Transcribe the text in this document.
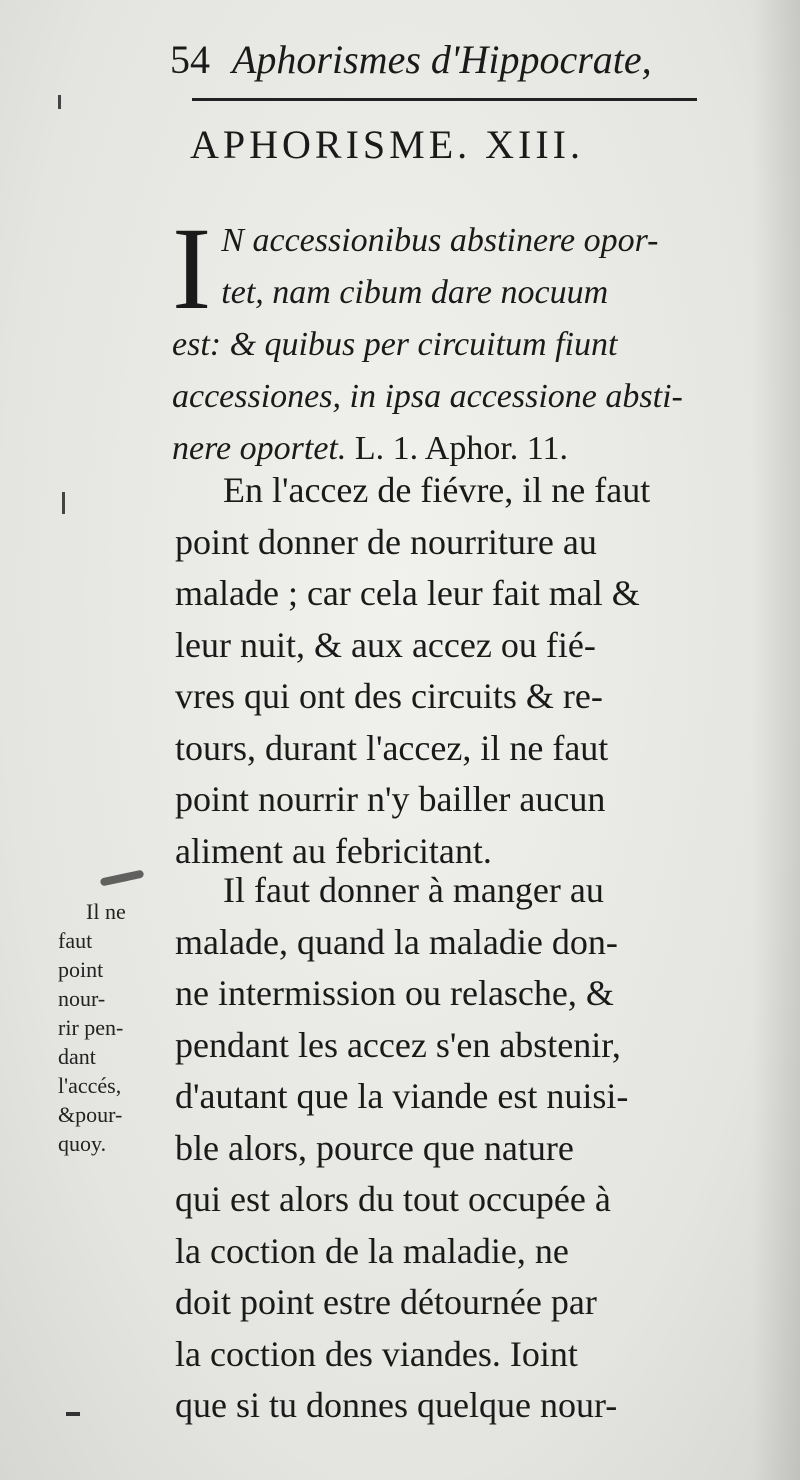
54 Aphorismes d'Hippocrate,
APHORISME. XIII.
I N accessionibus abstinere opor-
tet, nam cibum dare nocuum
est: & quibus per circuitum fiunt
accessiones, in ipsa accessione absti-
nere oportet. L. 1. Aphor. 11.
En l'accez de fiévre, il ne faut
point donner de nourriture au
malade ; car cela leur fait mal &
leur nuit, & aux accez ou fié-
vres qui ont des circuits & re-
tours, durant l'accez, il ne faut
point nourrir n'y bailler aucun
aliment au febricitant.
Il faut donner à manger au
malade, quand la maladie don-
ne intermission ou relasche, &
pendant les accez s'en abstenir,
d'autant que la viande est nuisi-
ble alors, pource que nature
qui est alors du tout occupée à
la coction de la maladie, ne
doit point estre détournée par
la coction des viandes. Ioint
que si tu donnes quelque nour-
Il ne
faut
point
nour-
rir pen-
dant
l'accés,
&pour-
quoy.
